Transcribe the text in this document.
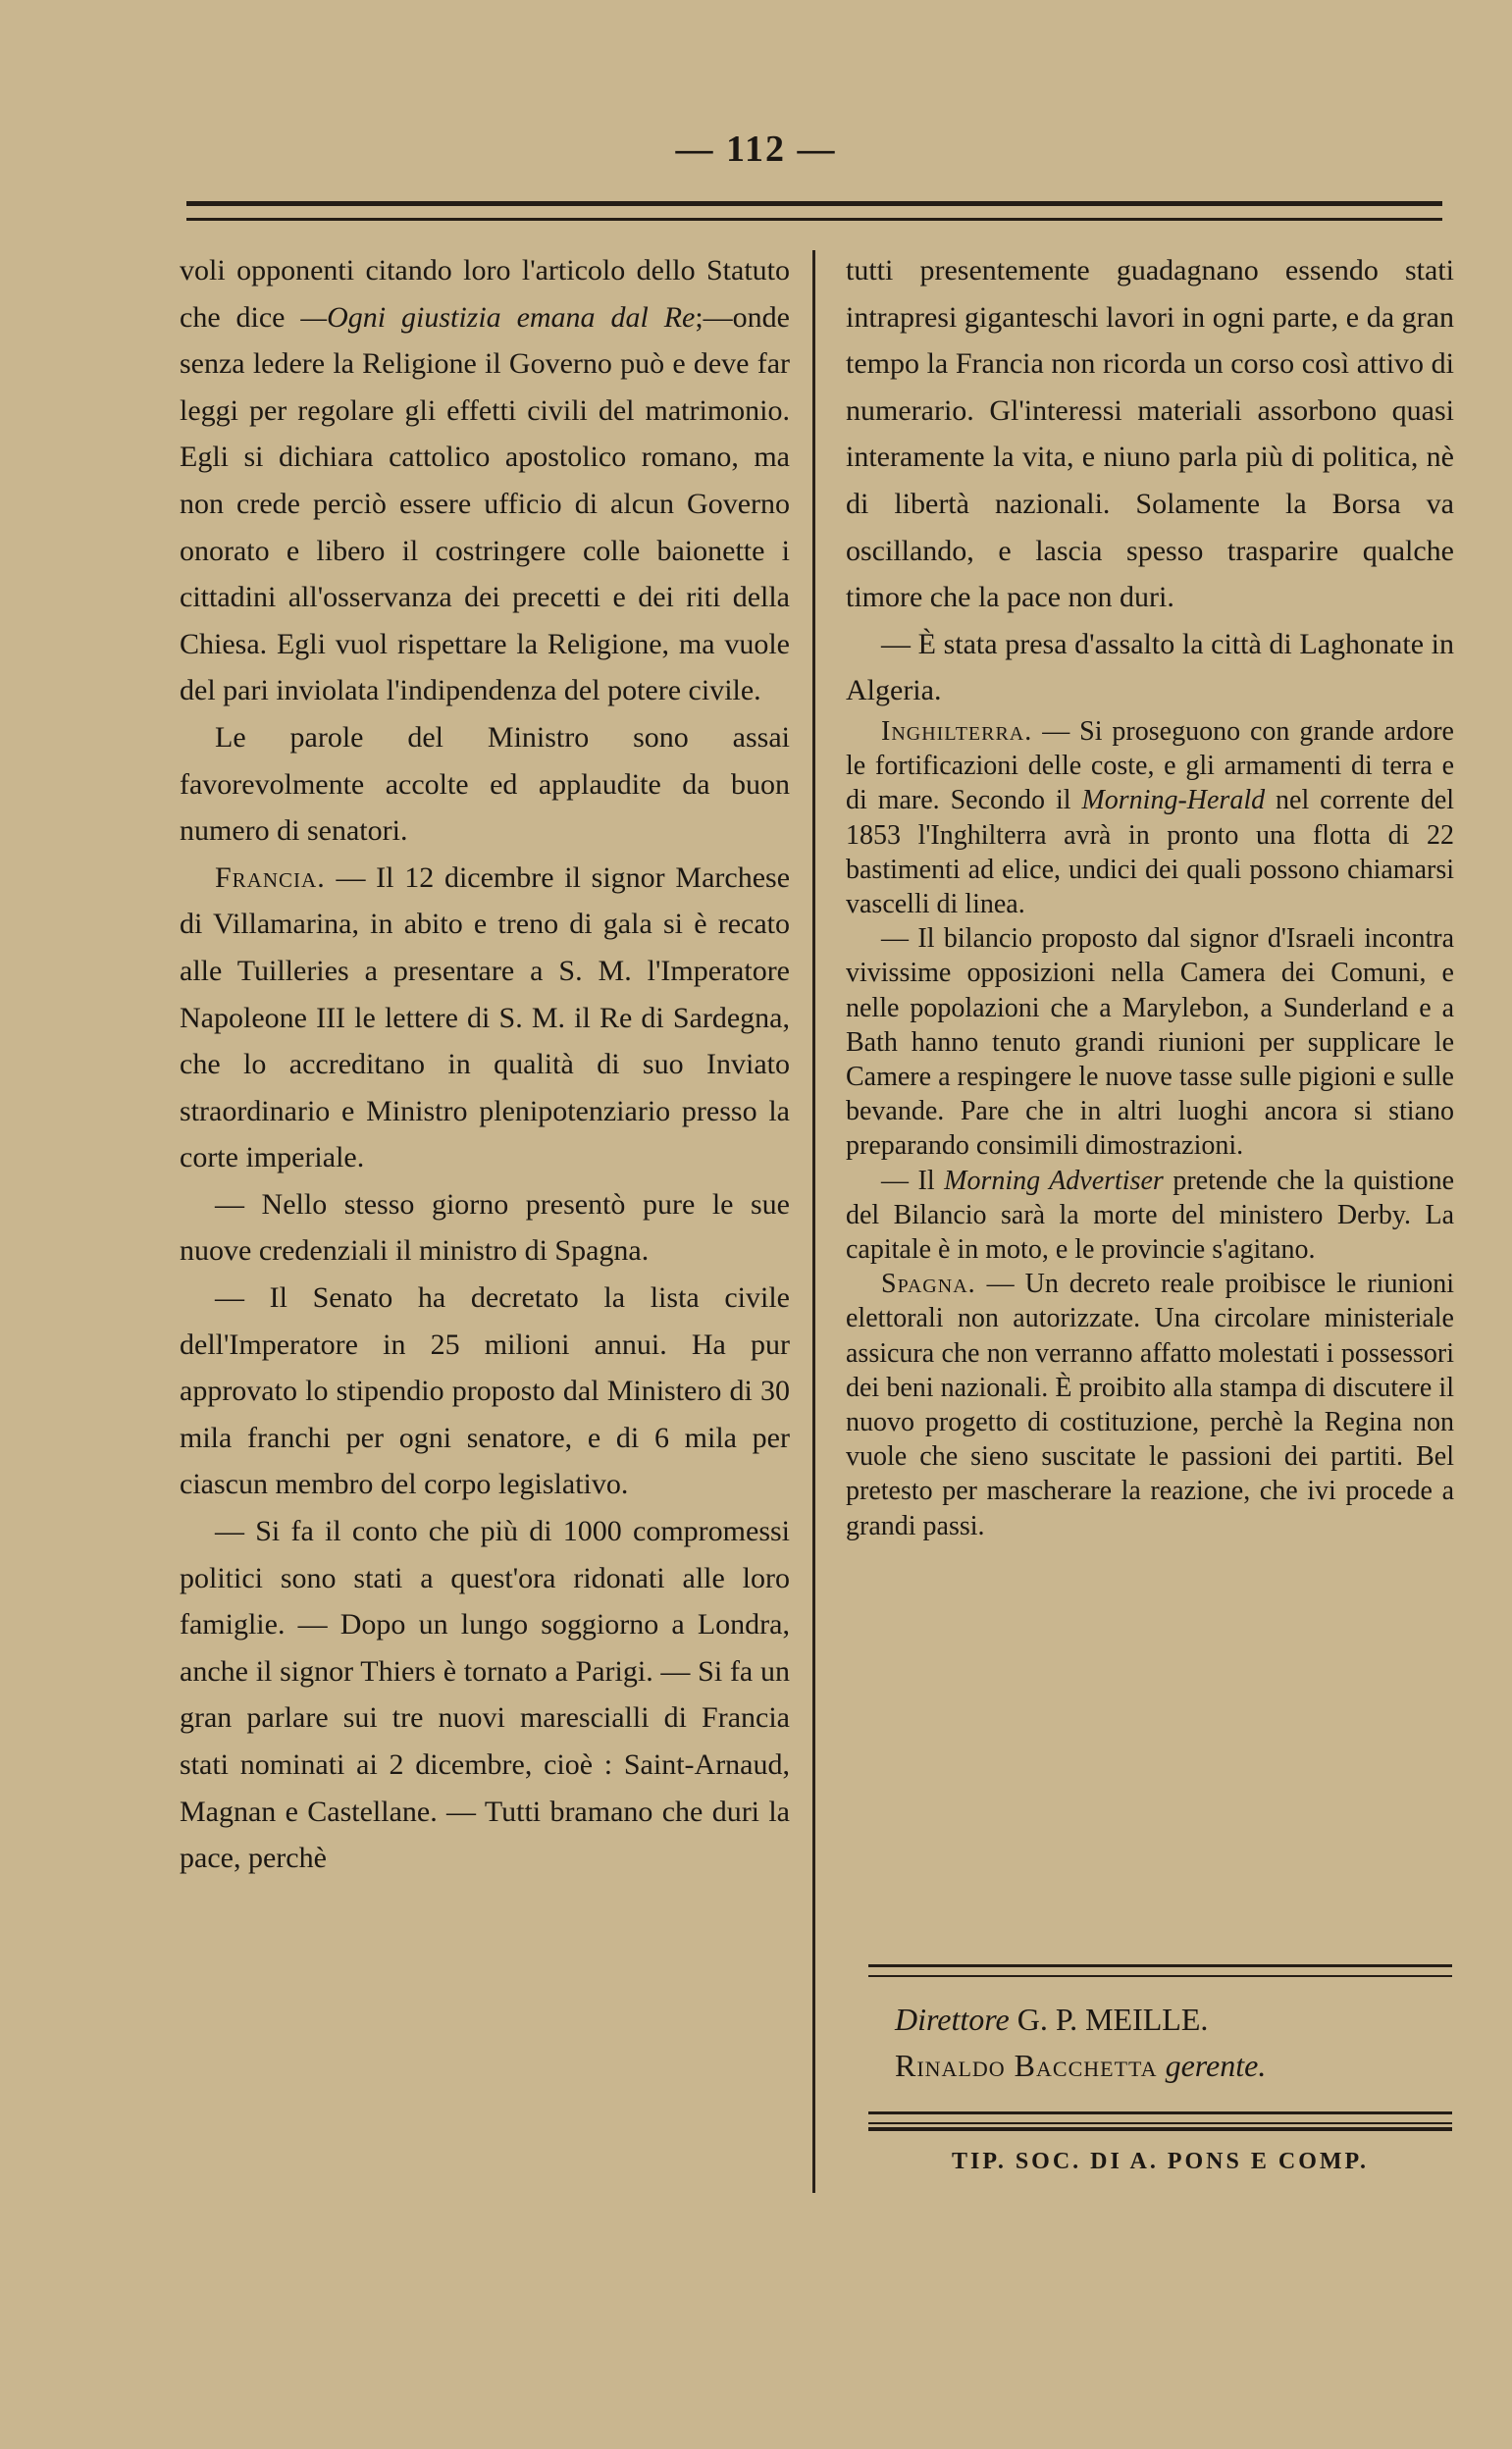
— 112 —

voli opponenti citando loro l'articolo dello Statuto che dice —Ogni giustizia emana dal Re;—onde senza ledere la Religione il Governo può e deve far leggi per regolare gli effetti civili del matrimonio. Egli si dichiara cattolico apostolico romano, ma non crede perciò essere ufficio di alcun Governo onorato e libero il costringere colle baionette i cittadini all'osservanza dei precetti e dei riti della Chiesa. Egli vuol rispettare la Religione, ma vuole del pari inviolata l'indipendenza del potere civile.

Le parole del Ministro sono assai favorevolmente accolte ed applaudite da buon numero di senatori.

Francia. — Il 12 dicembre il signor Marchese di Villamarina, in abito e treno di gala si è recato alle Tuilleries a presentare a S. M. l'Imperatore Napoleone III le lettere di S. M. il Re di Sardegna, che lo accreditano in qualità di suo Inviato straordinario e Ministro plenipotenziario presso la corte imperiale.

— Nello stesso giorno presentò pure le sue nuove credenziali il ministro di Spagna.

— Il Senato ha decretato la lista civile dell'Imperatore in 25 milioni annui. Ha pur approvato lo stipendio proposto dal Ministero di 30 mila franchi per ogni senatore, e di 6 mila per ciascun membro del corpo legislativo.

— Si fa il conto che più di 1000 compromessi politici sono stati a quest'ora ridonati alle loro famiglie. — Dopo un lungo soggiorno a Londra, anche il signor Thiers è tornato a Parigi. — Si fa un gran parlare sui tre nuovi marescialli di Francia stati nominati ai 2 dicembre, cioè : Saint-Arnaud, Magnan e Castellane. — Tutti bramano che duri la pace, perchè

tutti presentemente guadagnano essendo stati intrapresi giganteschi lavori in ogni parte, e da gran tempo la Francia non ricorda un corso così attivo di numerario. Gl'interessi materiali assorbono quasi interamente la vita, e niuno parla più di politica, nè di libertà nazionali. Solamente la Borsa va oscillando, e lascia spesso trasparire qualche timore che la pace non duri.

— È stata presa d'assalto la città di Laghonate in Algeria.

Inghilterra. — Si proseguono con grande ardore le fortificazioni delle coste, e gli armamenti di terra e di mare. Secondo il Morning-Herald nel corrente del 1853 l'Inghilterra avrà in pronto una flotta di 22 bastimenti ad elice, undici dei quali possono chiamarsi vascelli di linea.

— Il bilancio proposto dal signor d'Israeli incontra vivissime opposizioni nella Camera dei Comuni, e nelle popolazioni che a Marylebon, a Sunderland e a Bath hanno tenuto grandi riunioni per supplicare le Camere a respingere le nuove tasse sulle pigioni e sulle bevande. Pare che in altri luoghi ancora si stiano preparando consimili dimostrazioni.

— Il Morning Advertiser pretende che la quistione del Bilancio sarà la morte del ministero Derby. La capitale è in moto, e le provincie s'agitano.

Spagna. — Un decreto reale proibisce le riunioni elettorali non autorizzate. Una circolare ministeriale assicura che non verranno affatto molestati i possessori dei beni nazionali. È proibito alla stampa di discutere il nuovo progetto di costituzione, perchè la Regina non vuole che sieno suscitate le passioni dei partiti. Bel pretesto per mascherare la reazione, che ivi procede a grandi passi.

Direttore G. P. MEILLE.
Rinaldo Bacchetta gerente.
TIP. SOC. DI A. PONS E COMP.
